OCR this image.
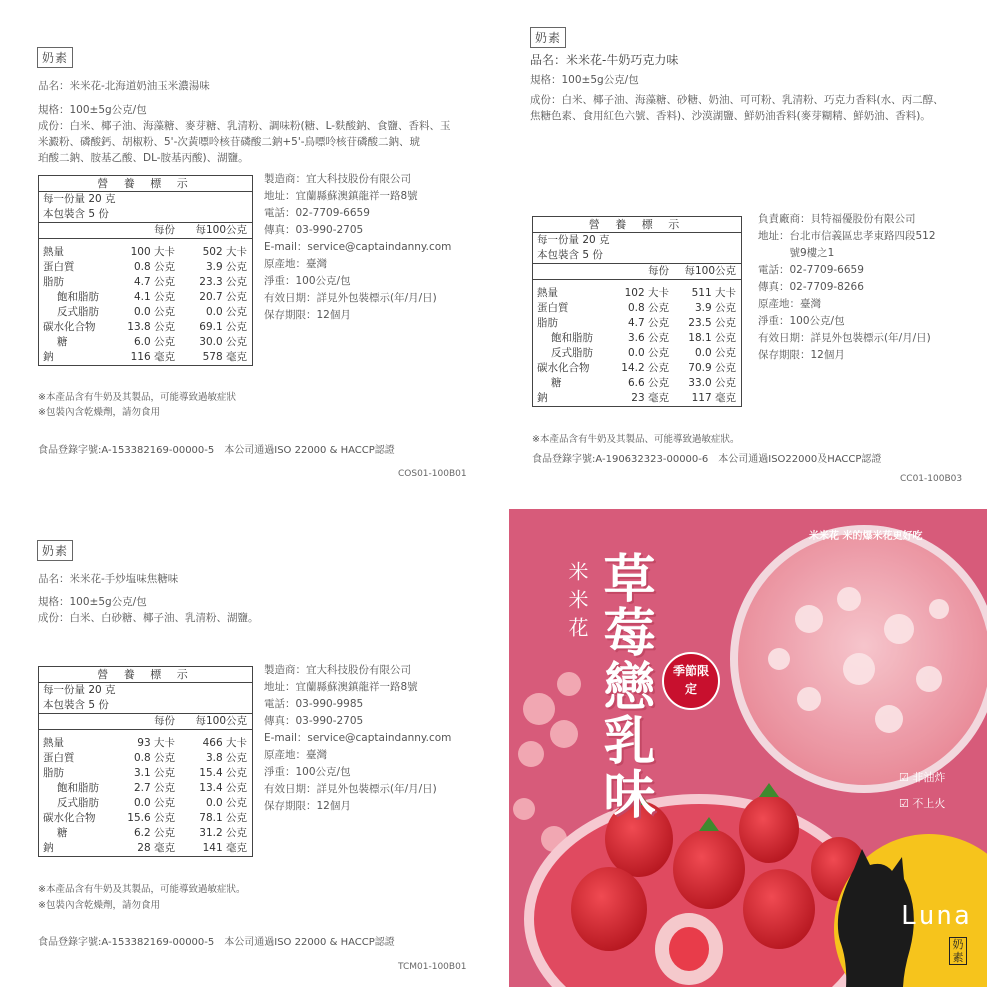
奶素
品名：米米花-北海道奶油玉米濃湯味
規格：100±5g公克/包
成份：白米、椰子油、海藻糖、麥芽糖、乳清粉、調味粉(糖、L-麩酸鈉、食鹽、香料、玉
米澱粉、磷酸鈣、胡椒粉、5'-次黃嘌呤核苷磷酸二鈉+5'-鳥嘌呤核苷磷酸二鈉、琥
珀酸二鈉、胺基乙酸、DL-胺基丙酸)、湖鹽。
營 養 標 示
每一份量 20 克
本包裝含 5 份
每份	每100公克
熱量	100 大卡	502 大卡
蛋白質	0.8 公克	3.9 公克
脂肪	4.7 公克	23.3 公克
飽和脂肪	4.1 公克	20.7 公克
反式脂肪	0.0 公克	0.0 公克
碳水化合物	13.8 公克	69.1 公克
糖	6.0 公克	30.0 公克
鈉	116 毫克	578 毫克
製造商：宜大科技股份有限公司
地址：宜蘭縣蘇澳鎮龍祥一路8號
電話：02-7709-6659
傳真：03-990-2705
E-mail：service@captaindanny.com
原產地：臺灣
淨重：100公克/包
有效日期：詳見外包裝標示(年/月/日)
保存期限：12個月
※本產品含有牛奶及其製品，可能導致過敏症狀
※包裝內含乾燥劑，請勿食用
食品登錄字號:A-153382169-00000-5　本公司通過ISO 22000 & HACCP認證
COS01-100B01
奶素
品名：米米花-牛奶巧克力味
規格：100±5g公克/包
成份：白米、椰子油、海藻糖、砂糖、奶油、可可粉、乳清粉、巧克力香料(水、丙二醇、
焦糖色素、食用紅色六號、香料)、沙漠湖鹽、鮮奶油香料(麥芽糊精、鮮奶油、香料)。
營 養 標 示
每一份量 20 克
本包裝含 5 份
每份	每100公克
熱量	102 大卡	511 大卡
蛋白質	0.8 公克	3.9 公克
脂肪	4.7 公克	23.5 公克
飽和脂肪	3.6 公克	18.1 公克
反式脂肪	0.0 公克	0.0 公克
碳水化合物	14.2 公克	70.9 公克
糖	6.6 公克	33.0 公克
鈉	23 毫克	117 毫克
負責廠商：貝特福優股份有限公司
地址：台北市信義區忠孝東路四段512
　　　號9樓之1
電話：02-7709-6659
傳真：02-7709-8266
原產地：臺灣
淨重：100公克/包
有效日期：詳見外包裝標示(年/月/日)
保存期限：12個月
※本產品含有牛奶及其製品、可能導致過敏症狀。
食品登錄字號:A-190632323-00000-6　本公司通過ISO22000及HACCP認證
CC01-100B03
奶素
品名：米米花-手炒塩味焦糖味
規格：100±5g公克/包
成份：白米、白砂糖、椰子油、乳清粉、湖鹽。
營 養 標 示
每一份量 20 克
本包裝含 5 份
每份	每100公克
熱量	93 大卡	466 大卡
蛋白質	0.8 公克	3.8 公克
脂肪	3.1 公克	15.4 公克
飽和脂肪	2.7 公克	13.4 公克
反式脂肪	0.0 公克	0.0 公克
碳水化合物	15.6 公克	78.1 公克
糖	6.2 公克	31.2 公克
鈉	28 毫克	141 毫克
製造商：宜大科技股份有限公司
地址：宜蘭縣蘇澳鎮龍祥一路8號
電話：03-990-9985
傳真：03-990-2705
E-mail：service@captaindanny.com
原產地：臺灣
淨重：100公克/包
有效日期：詳見外包裝標示(年/月/日)
保存期限：12個月
※本產品含有牛奶及其製品，可能導致過敏症狀。
※包裝內含乾燥劑，請勿食用
食品登錄字號:A-153382169-00000-5　本公司通過ISO 22000 & HACCP認證
TCM01-100B01
米米花 米的爆米花更好吃
米米花 草莓戀乳味	季節限定
☑ 非油炸
☑ 不上火
Luna
奶素
